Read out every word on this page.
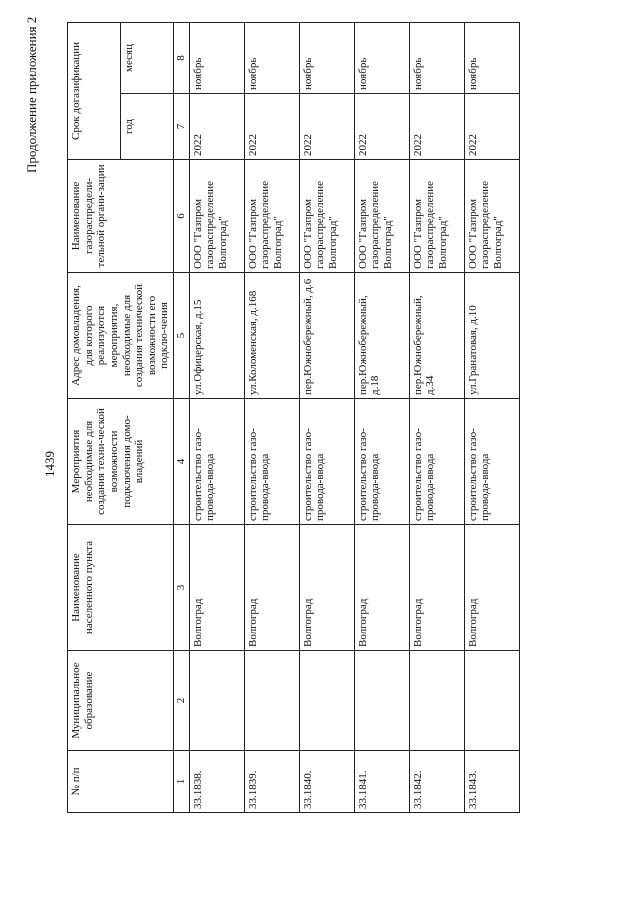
1439
Продолжение приложения 2
№ п/п	Муниципальное образование	Наименование населенного пункта	Мероприятия необходимые для создания техни-ческой возможности подключения домо-владений	Адрес домовладения, для которого реализуются мероприятия, необходимые для создания технической возможности его подклю-чения	Наименование газораспредели-тельной органи-зации	Срок догазификации	
						год	месяц
1	2	3	4	5	6	7	8
33.1838.		Волгоград	строительство газо-провода-ввода	ул.Офицерская, д.15	ООО "Газпром газораспределение Волгоград"	2022	ноябрь
33.1839.		Волгоград	строительство газо-провода-ввода	ул.Коломенская, д.168	ООО "Газпром газораспределение Волгоград"	2022	ноябрь
33.1840.		Волгоград	строительство газо-провода-ввода	пер.Южнобережный, д.6	ООО "Газпром газораспределение Волгоград"	2022	ноябрь
33.1841.		Волгоград	строительство газо-провода-ввода	пер.Южнобережный, д.18	ООО "Газпром газораспределение Волгоград"	2022	ноябрь
33.1842.		Волгоград	строительство газо-провода-ввода	пер.Южнобережный, д.34	ООО "Газпром газораспределение Волгоград"	2022	ноябрь
33.1843.		Волгоград	строительство газо-провода-ввода	ул.Гранатовая, д.10	ООО "Газпром газораспределение Волгоград"	2022	ноябрь
